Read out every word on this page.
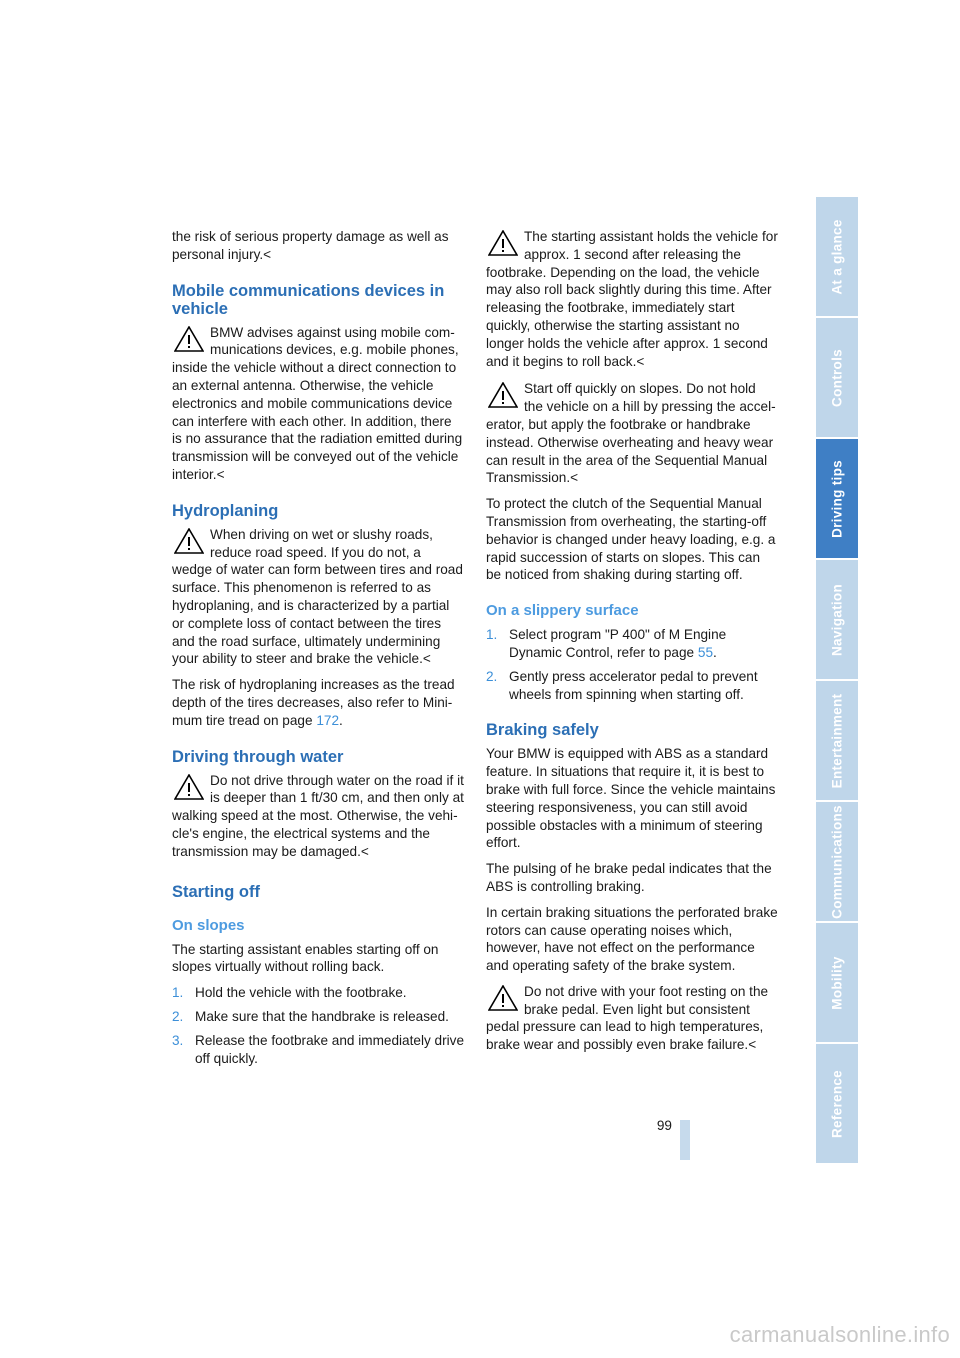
the risk of serious property damage as well as personal injury.<

Mobile communications devices in vehicle

BMW advises against using mobile communications devices, e.g. mobile phones, inside the vehicle without a direct connection to an external antenna. Otherwise, the vehicle electronics and mobile communications device can interfere with each other. In addition, there is no assurance that the radiation emitted during transmission will be conveyed out of the vehicle interior.<

Hydroplaning

When driving on wet or slushy roads, reduce road speed. If you do not, a wedge of water can form between tires and road surface. This phenomenon is referred to as hydroplaning, and is characterized by a partial or complete loss of contact between the tires and the road surface, ultimately undermining your ability to steer and brake the vehicle.<

The risk of hydroplaning increases as the tread depth of the tires decreases, also refer to Minimum tire tread on page 172.

Driving through water

Do not drive through water on the road if it is deeper than 1 ft/30 cm, and then only at walking speed at the most. Otherwise, the vehicle's engine, the electrical systems and the transmission may be damaged.<

Starting off
On slopes

The starting assistant enables starting off on slopes virtually without rolling back.

1. Hold the vehicle with the footbrake.
2. Make sure that the handbrake is released.
3. Release the footbrake and immediately drive off quickly.

The starting assistant holds the vehicle for approx. 1 second after releasing the footbrake. Depending on the load, the vehicle may also roll back slightly during this time. After releasing the footbrake, immediately start quickly, otherwise the starting assistant no longer holds the vehicle after approx. 1 second and it begins to roll back.<

Start off quickly on slopes. Do not hold the vehicle on a hill by pressing the accelerator, but apply the footbrake or handbrake instead. Otherwise overheating and heavy wear can result in the area of the Sequential Manual Transmission.<

To protect the clutch of the Sequential Manual Transmission from overheating, the starting-off behavior is changed under heavy loading, e.g. a rapid succession of starts on slopes. This can be noticed from shaking during starting off.

On a slippery surface
1. Select program "P 400" of M Engine Dynamic Control, refer to page 55.
2. Gently press accelerator pedal to prevent wheels from spinning when starting off.
Braking safely

Your BMW is equipped with ABS as a standard feature. In situations that require it, it is best to brake with full force. Since the vehicle maintains steering responsiveness, you can still avoid possible obstacles with a minimum of steering effort.

The pulsing of he brake pedal indicates that the ABS is controlling braking.

In certain braking situations the perforated brake rotors can cause operating noises which, however, have not effect on the performance and operating safety of the brake system.

Do not drive with your foot resting on the brake pedal. Even light but consistent pedal pressure can lead to high temperatures, brake wear and possibly even brake failure.<

At a glance
Controls
Driving tips
Navigation
Entertainment
Communications
Mobility
Reference
99
carmanualsonline.info
